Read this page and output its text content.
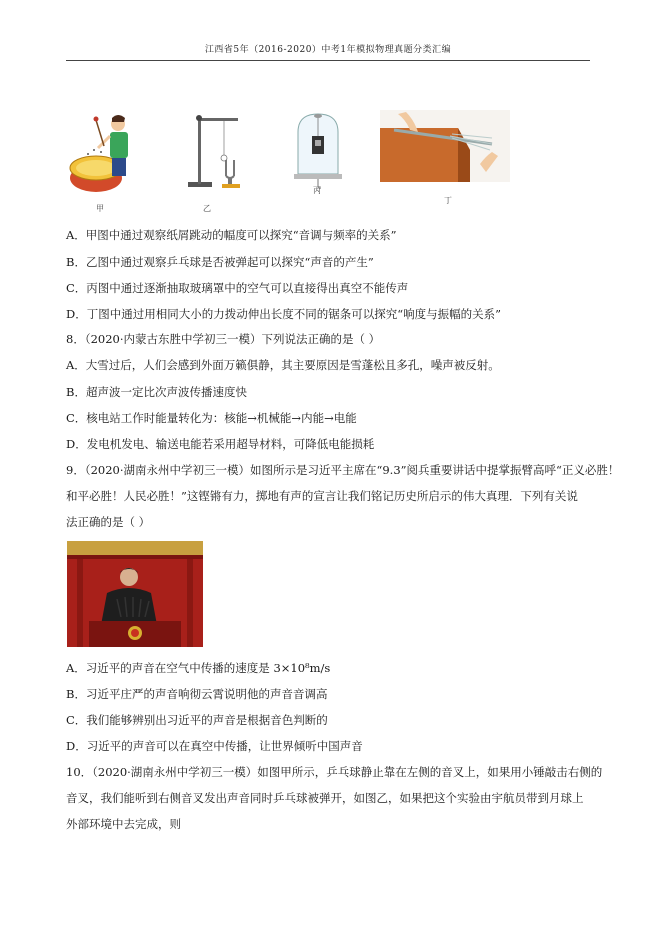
江西省5年（2016-2020）中考1年模拟物理真题分类汇编
甲	乙
丙
丁
A．甲图中通过观察纸屑跳动的幅度可以探究“音调与频率的关系”
B．乙图中通过观察乒乓球是否被弹起可以探究“声音的产生”
C．丙图中通过逐渐抽取玻璃罩中的空气可以直接得出真空不能传声
D．丁图中通过用相同大小的力拨动伸出长度不同的锯条可以探究“响度与振幅的关系”
8．（2020·内蒙古东胜中学初三一模）下列说法正确的是（ ）
A．大雪过后，人们会感到外面万籁俱静，其主要原因是雪蓬松且多孔，噪声被反射。
B．超声波一定比次声波传播速度快
C．核电站工作时能量转化为：核能→机械能→内能→电能
D．发电机发电、输送电能若采用超导材料，可降低电能损耗
9．（2020·湖南永州中学初三一模）如图所示是习近平主席在“9.3”阅兵重要讲话中提掌振臂高呼“正义必胜！
和平必胜！人民必胜！”这铿锵有力，掷地有声的宣言让我们铭记历史所启示的伟大真理．下列有关说
法正确的是（ ）
A．习近平的声音在空气中传播的速度是 3×10⁸m/s
B．习近平庄严的声音响彻云霄说明他的声音音调高
C．我们能够辨别出习近平的声音是根据音色判断的
D．习近平的声音可以在真空中传播，让世界倾听中国声音
10．（2020·湖南永州中学初三一模）如图甲所示，乒乓球静止靠在左侧的音叉上，如果用小锤敲击右侧的
音叉，我们能听到右侧音叉发出声音同时乒乓球被弹开，如图乙，如果把这个实验由宇航员带到月球上
外部环境中去完成，则
